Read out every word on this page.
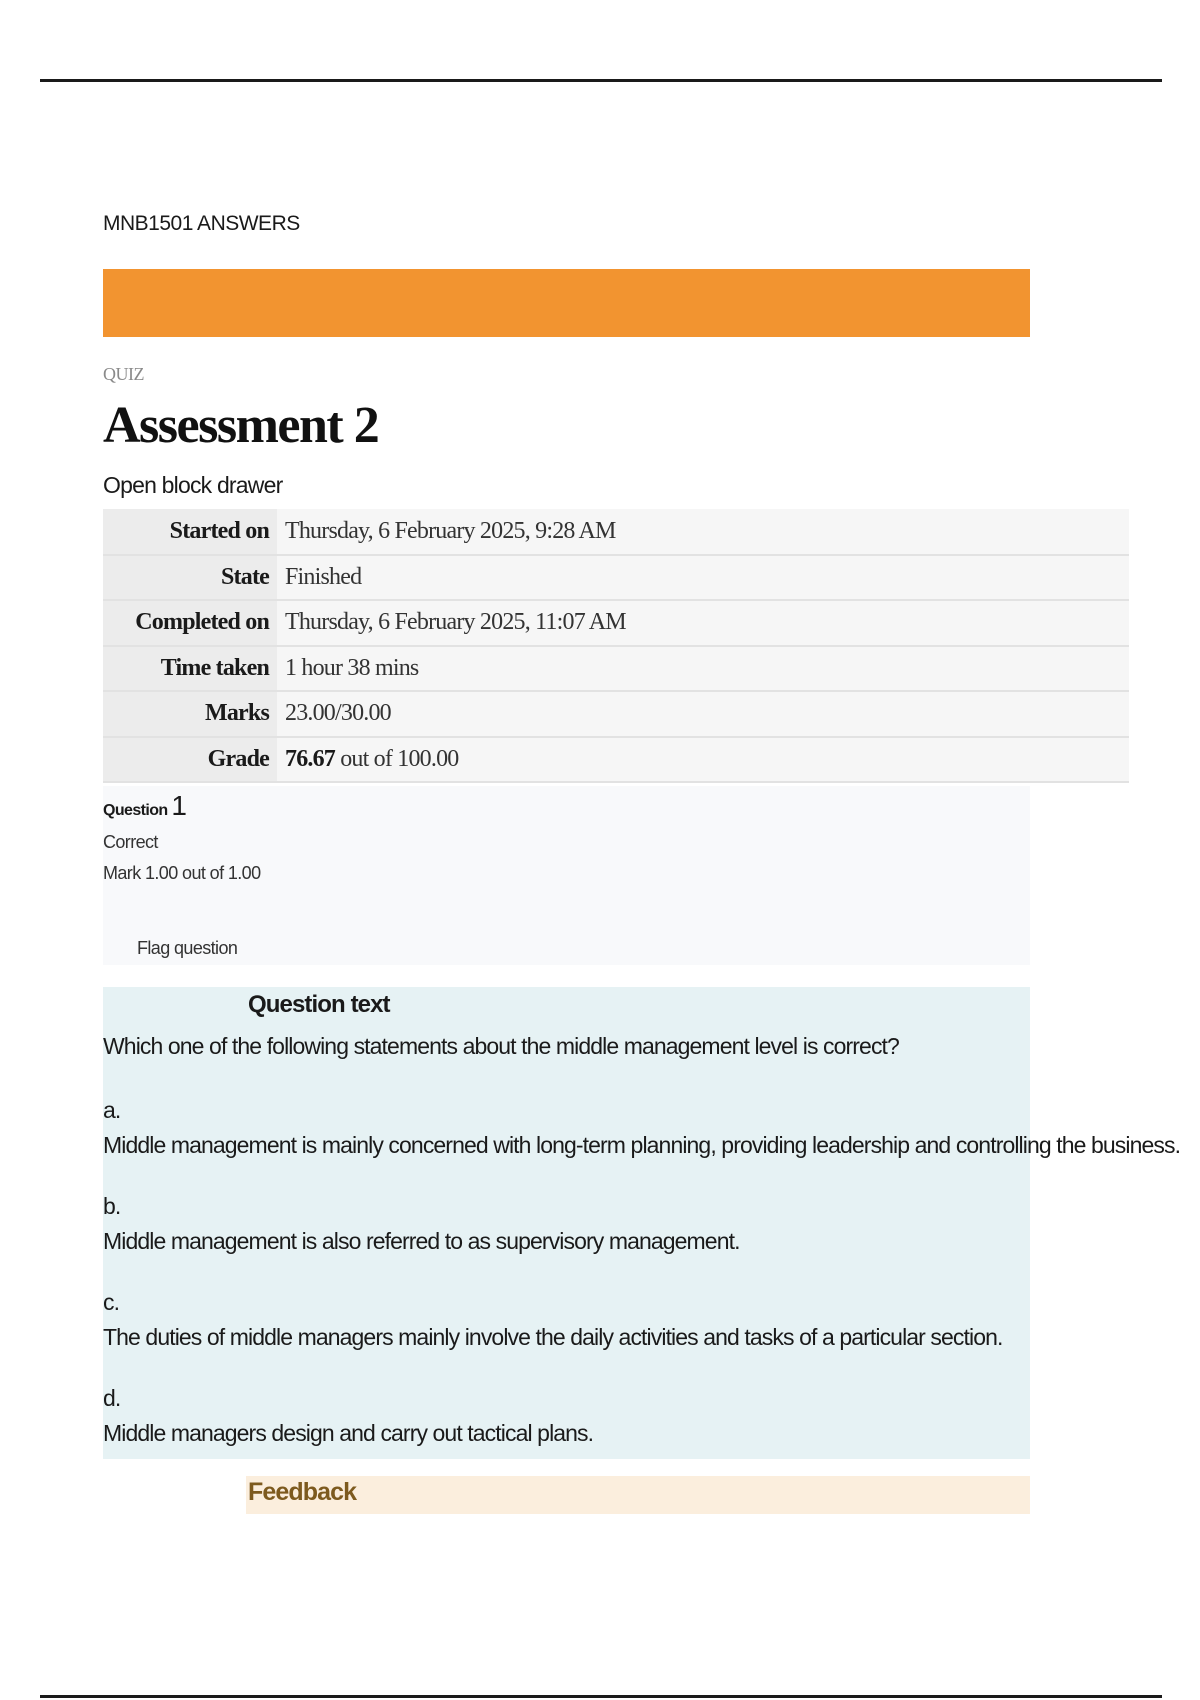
MNB1501 ANSWERS
QUIZ
Assessment 2
Open block drawer
Started on	Thursday, 6 February 2025, 9:28 AM
State	Finished
Completed on	Thursday, 6 February 2025, 11:07 AM
Time taken	1 hour 38 mins
Marks	23.00/30.00
Grade	76.67 out of 100.00
Question 1
Correct
Mark 1.00 out of 1.00
Flag question
Question text
Which one of the following statements about the middle management level is correct?
a.
Middle management is mainly concerned with long-term planning, providing leadership and controlling the business.
b.
Middle management is also referred to as supervisory management.
c.
The duties of middle managers mainly involve the daily activities and tasks of a particular section.
d.
Middle managers design and carry out tactical plans.
Feedback
